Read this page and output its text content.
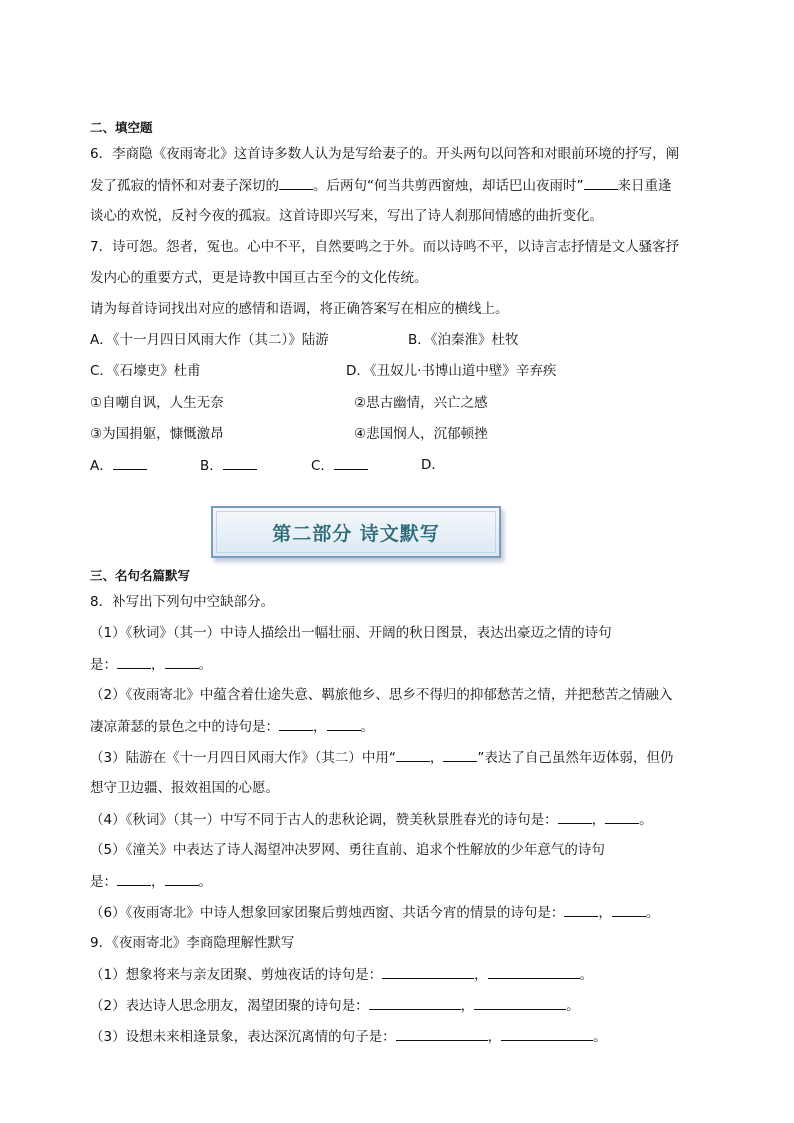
二、填空题
6．李商隐《夜雨寄北》这首诗多数人认为是写给妻子的。开头两句以问答和对眼前环境的抒写，阐
发了孤寂的情怀和对妻子深切的	。后两句“何当共剪西窗烛，却话巴山夜雨时”	来日重逢
谈心的欢悦，反衬今夜的孤寂。这首诗即兴写来，写出了诗人刹那间情感的曲折变化。
7．诗可怨。怨者，冤也。心中不平，自然要鸣之于外。而以诗鸣不平，以诗言志抒情是文人骚客抒
发内心的重要方式，更是诗教中国亘古至今的文化传统。
请为每首诗词找出对应的感情和语调，将正确答案写在相应的横线上。
A．《十一月四日风雨大作（其二）》陆游	B．《泊秦淮》杜牧
C．《石壕吏》杜甫	D．《丑奴儿·书博山道中壁》辛弃疾
①自嘲自讽，人生无奈	②思古幽情，兴亡之感
③为国捐躯，慷慨激昂	④悲国悯人，沉郁顿挫
A．	B．	C．	D．
第二部分 诗文默写
三、名句名篇默写
8．补写出下列句中空缺部分。
（1）《秋词》（其一）中诗人描绘出一幅壮丽、开阔的秋日图景，表达出豪迈之情的诗句
是：	，	。
（2）《夜雨寄北》中蕴含着仕途失意、羁旅他乡、思乡不得归的抑郁愁苦之情，并把愁苦之情融入
凄凉萧瑟的景色之中的诗句是：	，	。
（3）陆游在《十一月四日风雨大作》（其二）中用“	，	”表达了自己虽然年迈体弱，但仍
想守卫边疆、报效祖国的心愿。
（4）《秋词》（其一）中写不同于古人的悲秋论调，赞美秋景胜春光的诗句是：	，	。
（5）《潼关》中表达了诗人渴望冲决罗网、勇往直前、追求个性解放的少年意气的诗句
是：	，	。
（6）《夜雨寄北》中诗人想象回家团聚后剪烛西窗、共话今宵的情景的诗句是：	，	。
9．《夜雨寄北》李商隐理解性默写
（1）想象将来与亲友团聚、剪烛夜话的诗句是：	，	。
（2）表达诗人思念朋友，渴望团聚的诗句是：	，	。
（3）设想未来相逢景象，表达深沉离情的句子是：	，	。
